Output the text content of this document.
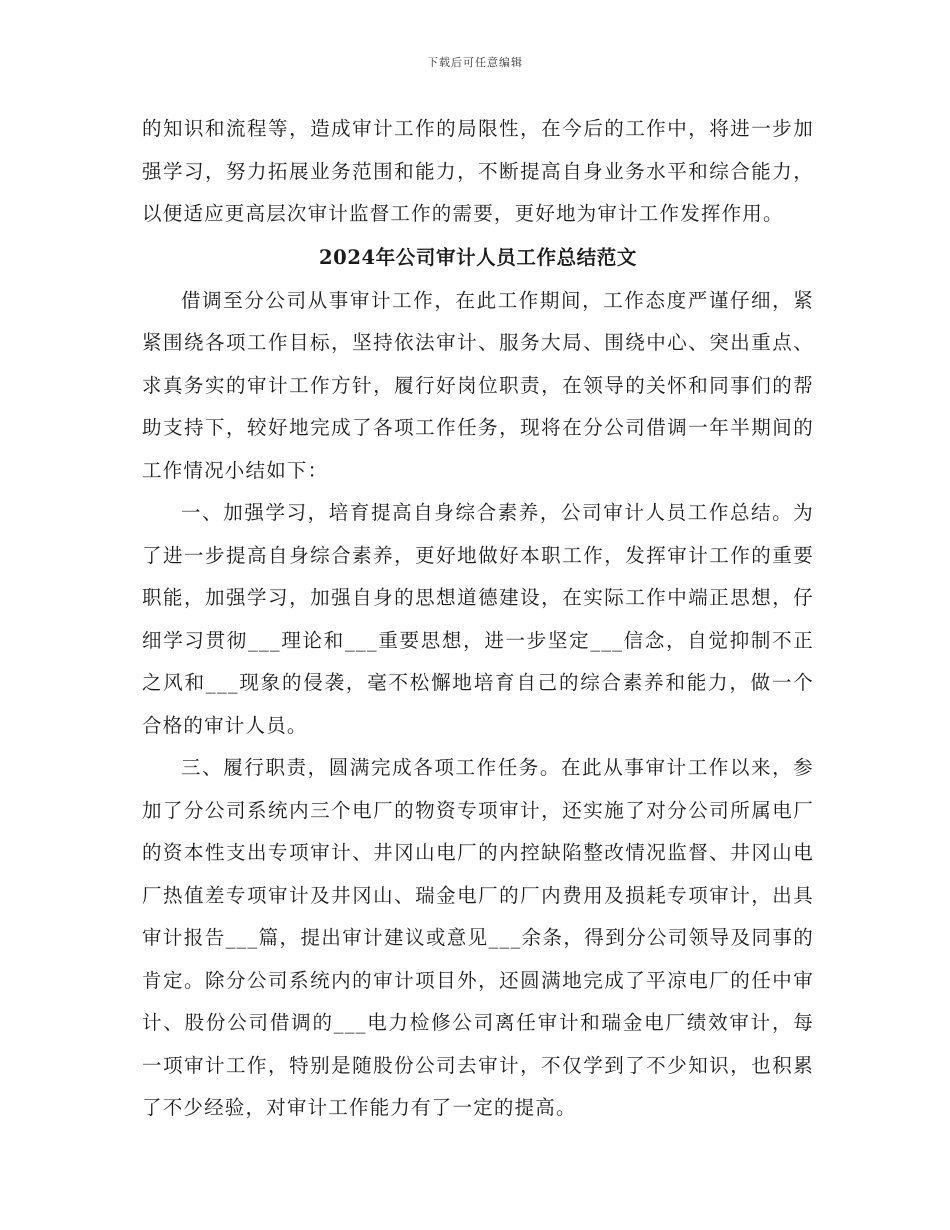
下载后可任意编辑

的知识和流程等，造成审计工作的局限性，在今后的工作中，将进一步加强学习，努力拓展业务范围和能力，不断提高自身业务水平和综合能力，以便适应更高层次审计监督工作的需要，更好地为审计工作发挥作用。

2024年公司审计人员工作总结范文

借调至分公司从事审计工作，在此工作期间，工作态度严谨仔细，紧紧围绕各项工作目标，坚持依法审计、服务大局、围绕中心、突出重点、求真务实的审计工作方针，履行好岗位职责，在领导的关怀和同事们的帮助支持下，较好地完成了各项工作任务，现将在分公司借调一年半期间的工作情况小结如下：

一、加强学习，培育提高自身综合素养，公司审计人员工作总结。为了进一步提高自身综合素养，更好地做好本职工作，发挥审计工作的重要职能，加强学习，加强自身的思想道德建设，在实际工作中端正思想，仔细学习贯彻___理论和___重要思想，进一步坚定___信念，自觉抑制不正之风和___现象的侵袭，毫不松懈地培育自己的综合素养和能力，做一个合格的审计人员。

三、履行职责，圆满完成各项工作任务。在此从事审计工作以来，参加了分公司系统内三个电厂的物资专项审计，还实施了对分公司所属电厂的资本性支出专项审计、井冈山电厂的内控缺陷整改情况监督、井冈山电厂热值差专项审计及井冈山、瑞金电厂的厂内费用及损耗专项审计，出具审计报告___篇，提出审计建议或意见___余条，得到分公司领导及同事的肯定。除分公司系统内的审计项目外，还圆满地完成了平凉电厂的任中审计、股份公司借调的___电力检修公司离任审计和瑞金电厂绩效审计，每一项审计工作，特别是随股份公司去审计，不仅学到了不少知识，也积累了不少经验，对审计工作能力有了一定的提高。
